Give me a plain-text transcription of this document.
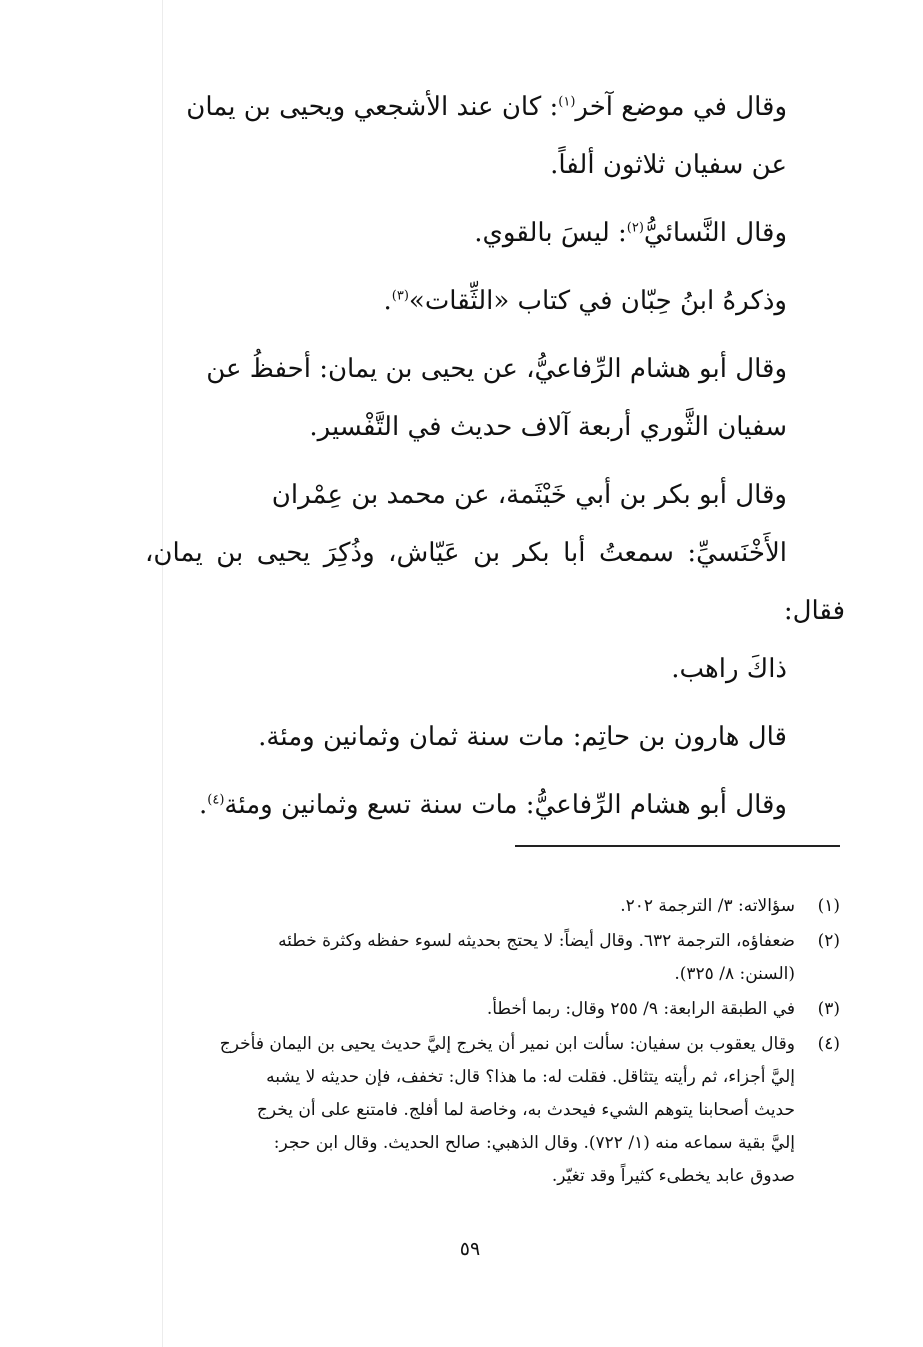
وقال في موضع آخر$^{(١)}$: كان عند الأشجعي ويحيى بن يمان
عن سفيان ثلاثون ألفاً.

وقال النَّسائيُّ$^{(٢)}$: ليسَ بالقوي.

وذكرهُ ابنُ حِبّان في كتاب «الثِّقات»$^{(٣)}$.

وقال أبو هشام الرِّفاعيُّ، عن يحيى بن يمان: أحفظُ عن
سفيان الثَّوري أربعة آلاف حديث في التَّفْسير.

وقال أبو بكر بن أبي خَيْثَمة، عن محمد بن عِمْران
الأَخْنَسيِّ: سمعتُ أبا بكر بن عَيّاش، وذُكِرَ يحيى بن يمان، فقال:
ذاكَ راهب.

قال هارون بن حاتِم: مات سنة ثمان وثمانين ومئة.

وقال أبو هشام الرِّفاعيُّ: مات سنة تسع وثمانين ومئة$^{(٤)}$.

(١)
سؤالاته: ٣/ الترجمة ٢٠٢.
(٢)
ضعفاؤه، الترجمة ٦٣٢. وقال أيضاً: لا يحتج بحديثه لسوء حفظه وكثرة خطئه
(السنن: ٨/ ٣٢٥).
(٣)
في الطبقة الرابعة: ٩/ ٢٥٥ وقال: ربما أخطأ.
(٤)
وقال يعقوب بن سفيان: سألت ابن نمير أن يخرج إليَّ حديث يحيى بن اليمان فأخرج
إليَّ أجزاء، ثم رأيته يتثاقل. فقلت له: ما هذا؟ قال: تخفف، فإن حديثه لا يشبه
حديث أصحابنا يتوهم الشيء فيحدث به، وخاصة لما أفلج. فامتنع على أن يخرج
إليَّ بقية سماعه منه (١/ ٧٢٢). وقال الذهبي: صالح الحديث. وقال ابن حجر:
صدوق عابد يخطىء كثيراً وقد تغيّر.
٥٩
